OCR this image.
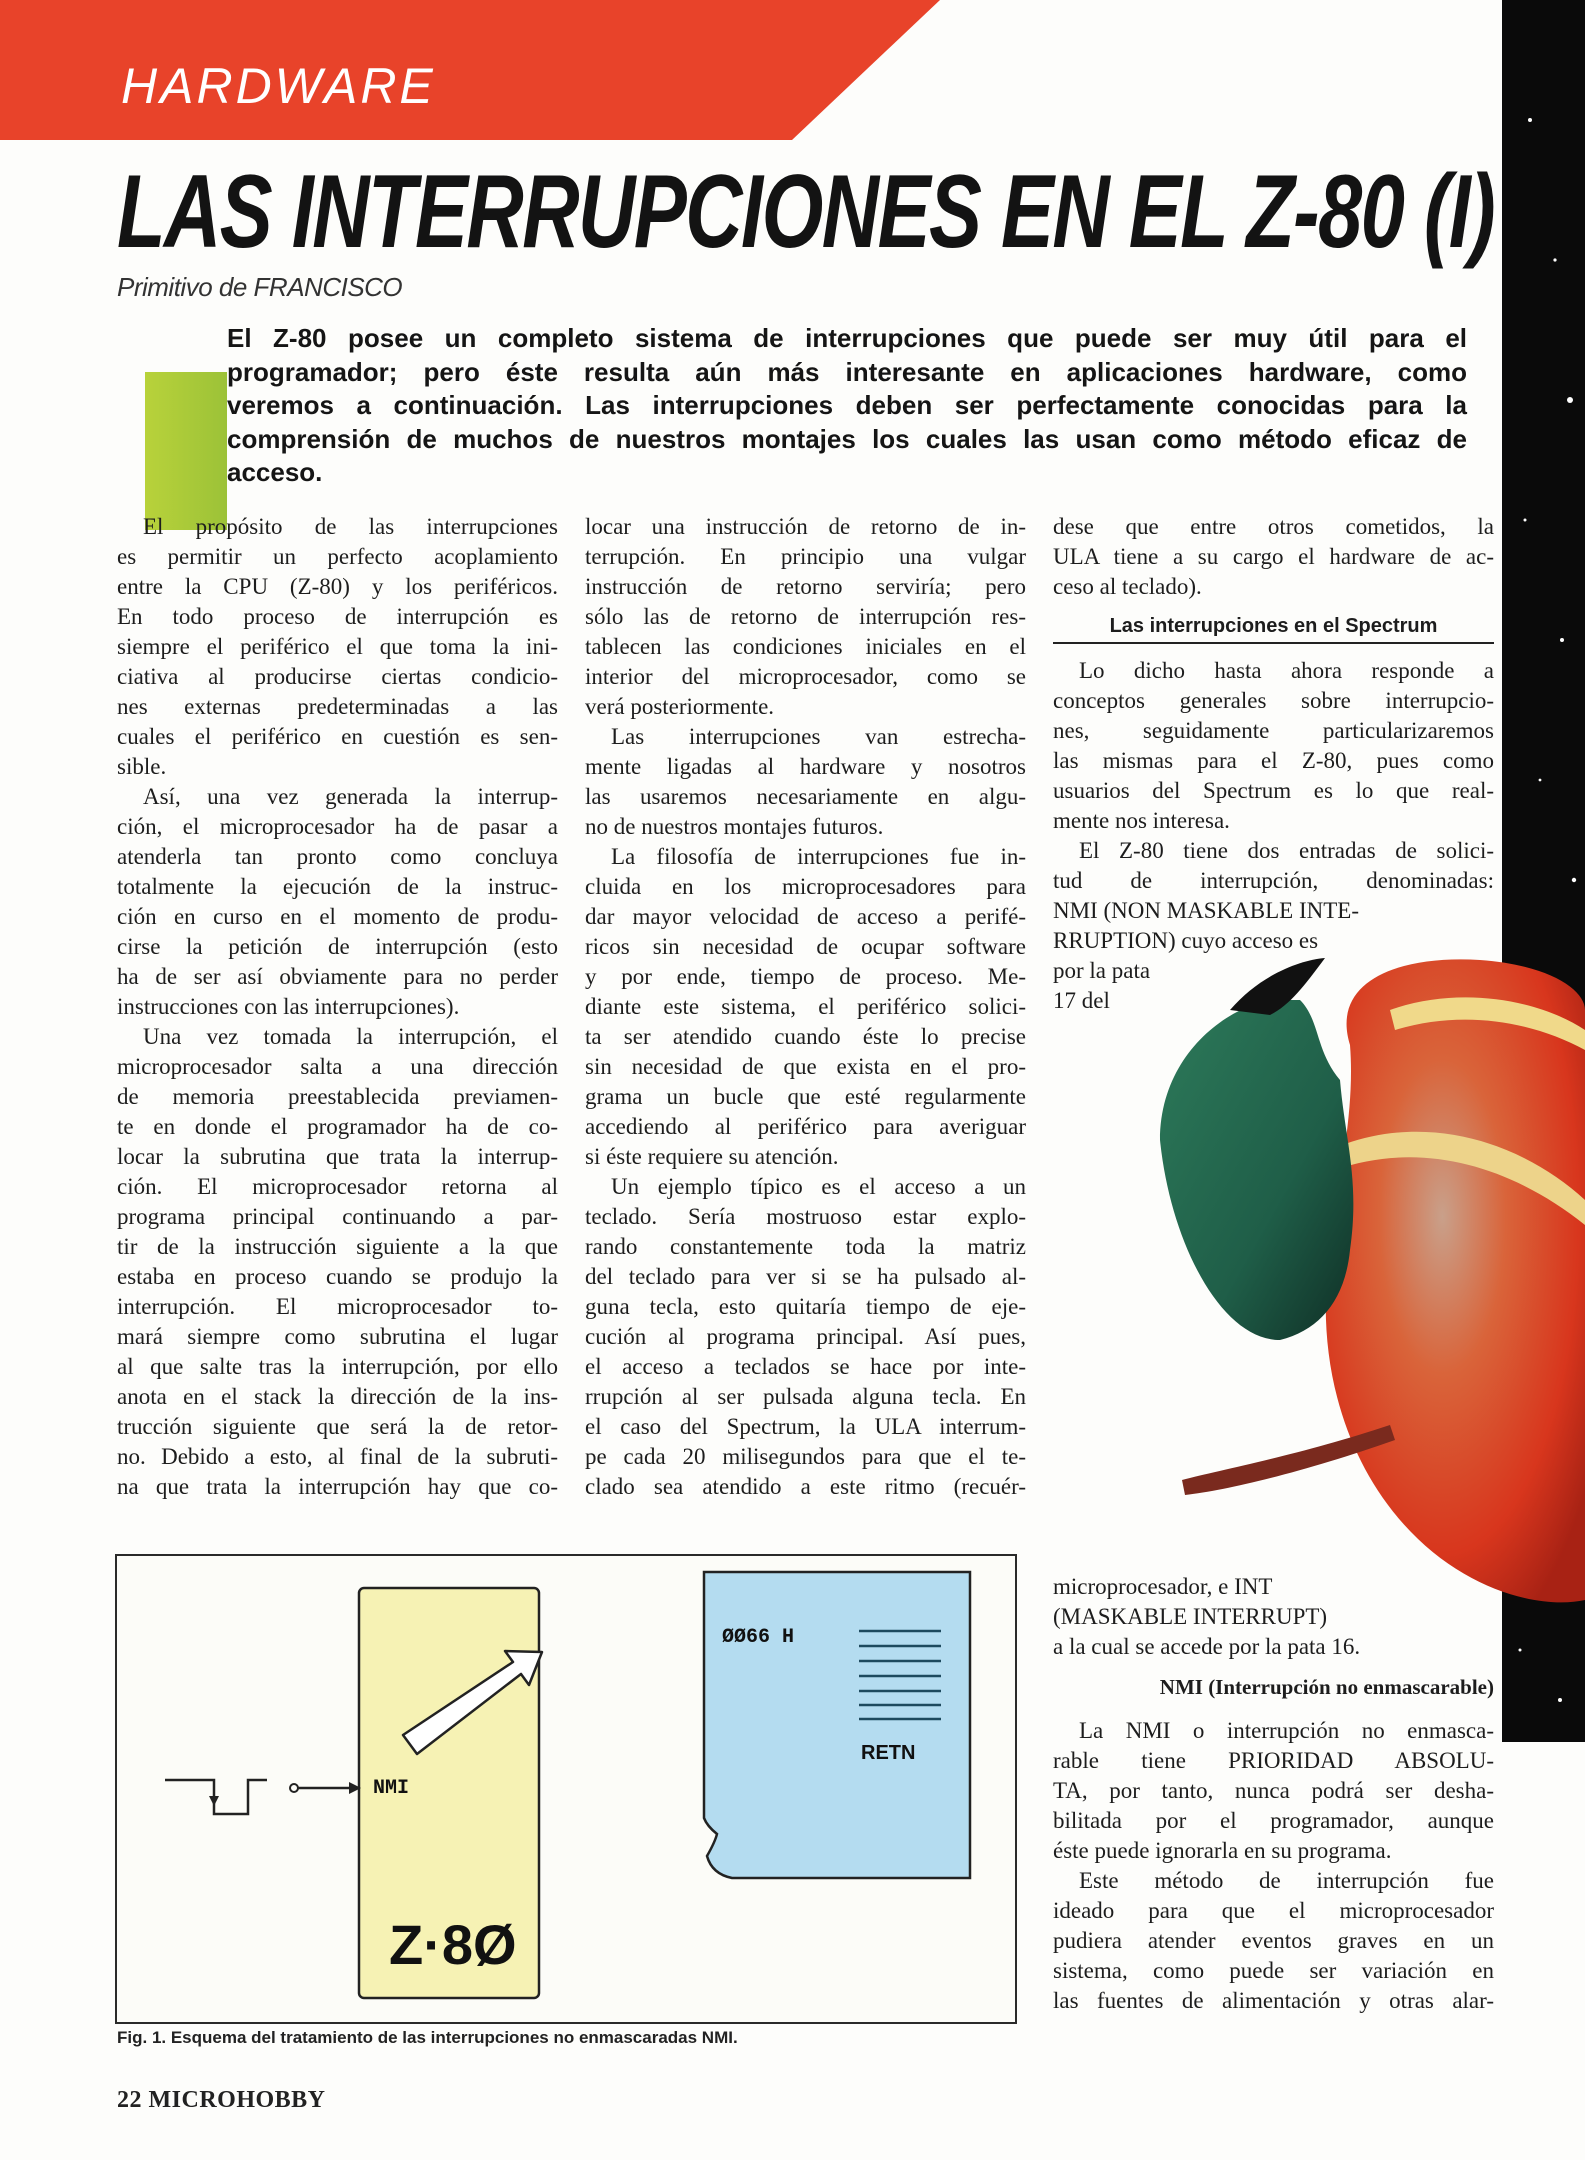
HARDWARE
LAS INTERRUPCIONES EN EL Z-80 (I)
Primitivo de FRANCISCO
El Z-80 posee un completo sistema de interrupciones que puede ser muy útil para el
programador; pero éste resulta aún más interesante en aplicaciones hardware, como
veremos a continuación. Las interrupciones deben ser perfectamente conocidas para la
comprensión de muchos de nuestros montajes los cuales las usan como método eficaz de
acceso.
El propósito de las interrupciones
es permitir un perfecto acoplamiento
entre la CPU (Z-80) y los periféricos.
En todo proceso de interrupción es
siempre el periférico el que toma la ini-
ciativa al producirse ciertas condicio-
nes externas predeterminadas a las
cuales el periférico en cuestión es sen-
sible.
Así, una vez generada la interrup-
ción, el microprocesador ha de pasar a
atenderla tan pronto como concluya
totalmente la ejecución de la instruc-
ción en curso en el momento de produ-
cirse la petición de interrupción (esto
ha de ser así obviamente para no perder
instrucciones con las interrupciones).
Una vez tomada la interrupción, el
microprocesador salta a una dirección
de memoria preestablecida previamen-
te en donde el programador ha de co-
locar la subrutina que trata la interrup-
ción. El microprocesador retorna al
programa principal continuando a par-
tir de la instrucción siguiente a la que
estaba en proceso cuando se produjo la
interrupción. El microprocesador to-
mará siempre como subrutina el lugar
al que salte tras la interrupción, por ello
anota en el stack la dirección de la ins-
trucción siguiente que será la de retor-
no. Debido a esto, al final de la subruti-
na que trata la interrupción hay que co-
locar una instrucción de retorno de in-
terrupción. En principio una vulgar
instrucción de retorno serviría; pero
sólo las de retorno de interrupción res-
tablecen las condiciones iniciales en el
interior del microprocesador, como se
verá posteriormente.
Las interrupciones van estrecha-
mente ligadas al hardware y nosotros
las usaremos necesariamente en algu-
no de nuestros montajes futuros.
La filosofía de interrupciones fue in-
cluida en los microprocesadores para
dar mayor velocidad de acceso a perifé-
ricos sin necesidad de ocupar software
y por ende, tiempo de proceso. Me-
diante este sistema, el periférico solici-
ta ser atendido cuando éste lo precise
sin necesidad de que exista en el pro-
grama un bucle que esté regularmente
accediendo al periférico para averiguar
si éste requiere su atención.
Un ejemplo típico es el acceso a un
teclado. Sería mostruoso estar explo-
rando constantemente toda la matriz
del teclado para ver si se ha pulsado al-
guna tecla, esto quitaría tiempo de eje-
cución al programa principal. Así pues,
el acceso a teclados se hace por inte-
rrupción al ser pulsada alguna tecla. En
el caso del Spectrum, la ULA interrum-
pe cada 20 milisegundos para que el te-
clado sea atendido a este ritmo (recuér-
dese que entre otros cometidos, la
ULA tiene a su cargo el hardware de ac-
ceso al teclado).
Las interrupciones en el Spectrum
Lo dicho hasta ahora responde a
conceptos generales sobre interrupcio-
nes, seguidamente particularizaremos
las mismas para el Z-80, pues como
usuarios del Spectrum es lo que real-
mente nos interesa.
El Z-80 tiene dos entradas de solici-
tud de interrupción, denominadas:
NMI (NON MASKABLE INTE-
RRUPTION) cuyo acceso es
por la pata
17 del
microprocesador, e INT
(MASKABLE INTERRUPT)
a la cual se accede por la pata 16.
NMI (Interrupción no enmascarable)
La NMI o interrupción no enmasca-
rable tiene PRIORIDAD ABSOLU-
TA, por tanto, nunca podrá ser desha-
bilitada por el programador, aunque
éste puede ignorarla en su programa.
Este método de interrupción fue
ideado para que el microprocesador
pudiera atender eventos graves en un
sistema, como puede ser variación en
las fuentes de alimentación y otras alar-
Z·8Ø
NMI
ØØ66 H
RETN
Fig. 1. Esquema del tratamiento de las interrupciones no enmascaradas NMI.
22 MICROHOBBY
